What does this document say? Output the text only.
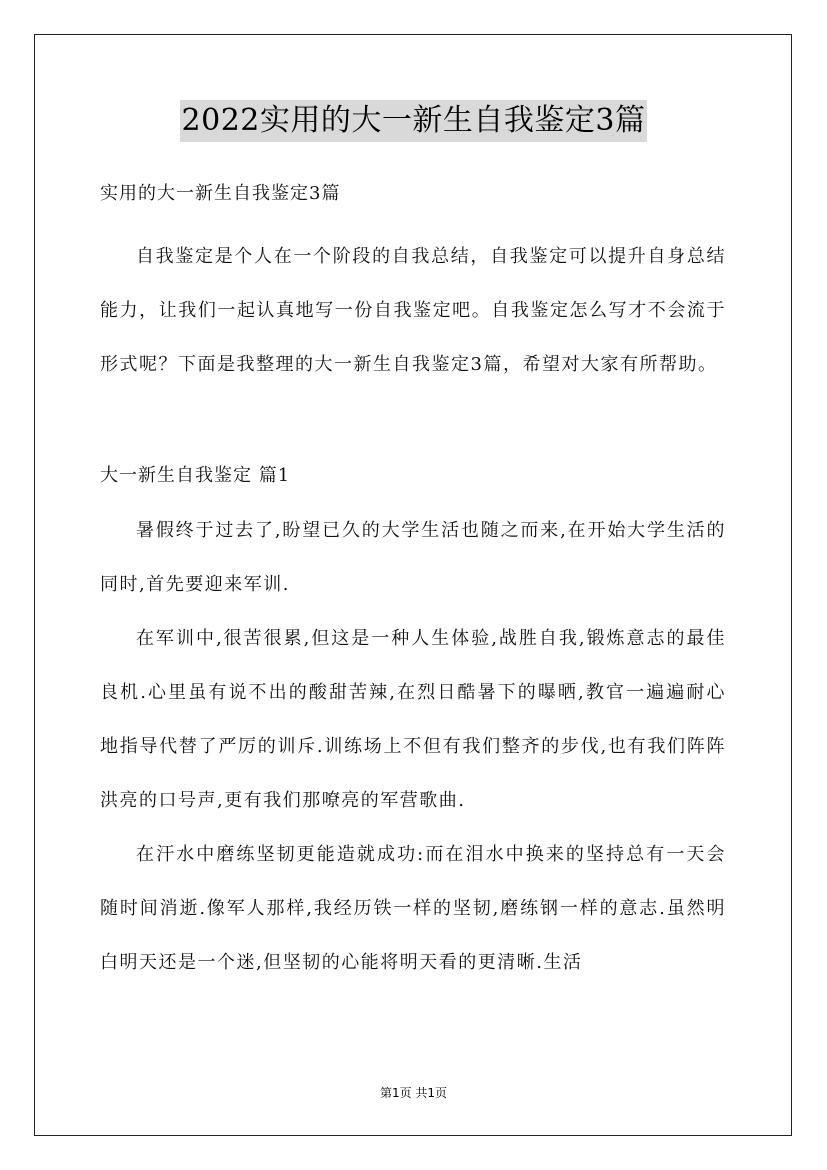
2022实用的大一新生自我鉴定3篇

实用的大一新生自我鉴定3篇

自我鉴定是个人在一个阶段的自我总结，自我鉴定可以提升自身总结能力，让我们一起认真地写一份自我鉴定吧。自我鉴定怎么写才不会流于形式呢？下面是我整理的大一新生自我鉴定3篇，希望对大家有所帮助。

大一新生自我鉴定 篇1

暑假终于过去了,盼望已久的大学生活也随之而来,在开始大学生活的同时,首先要迎来军训.

在军训中,很苦很累,但这是一种人生体验,战胜自我,锻炼意志的最佳良机.心里虽有说不出的酸甜苦辣,在烈日酷暑下的曝晒,教官一遍遍耐心地指导代替了严厉的训斥.训练场上不但有我们整齐的步伐,也有我们阵阵洪亮的口号声,更有我们那嘹亮的军营歌曲.

在汗水中磨练坚韧更能造就成功:而在泪水中换来的坚持总有一天会随时间消逝.像军人那样,我经历铁一样的坚韧,磨练钢一样的意志.虽然明白明天还是一个迷,但坚韧的心能将明天看的更清晰.生活

第1页 共1页
